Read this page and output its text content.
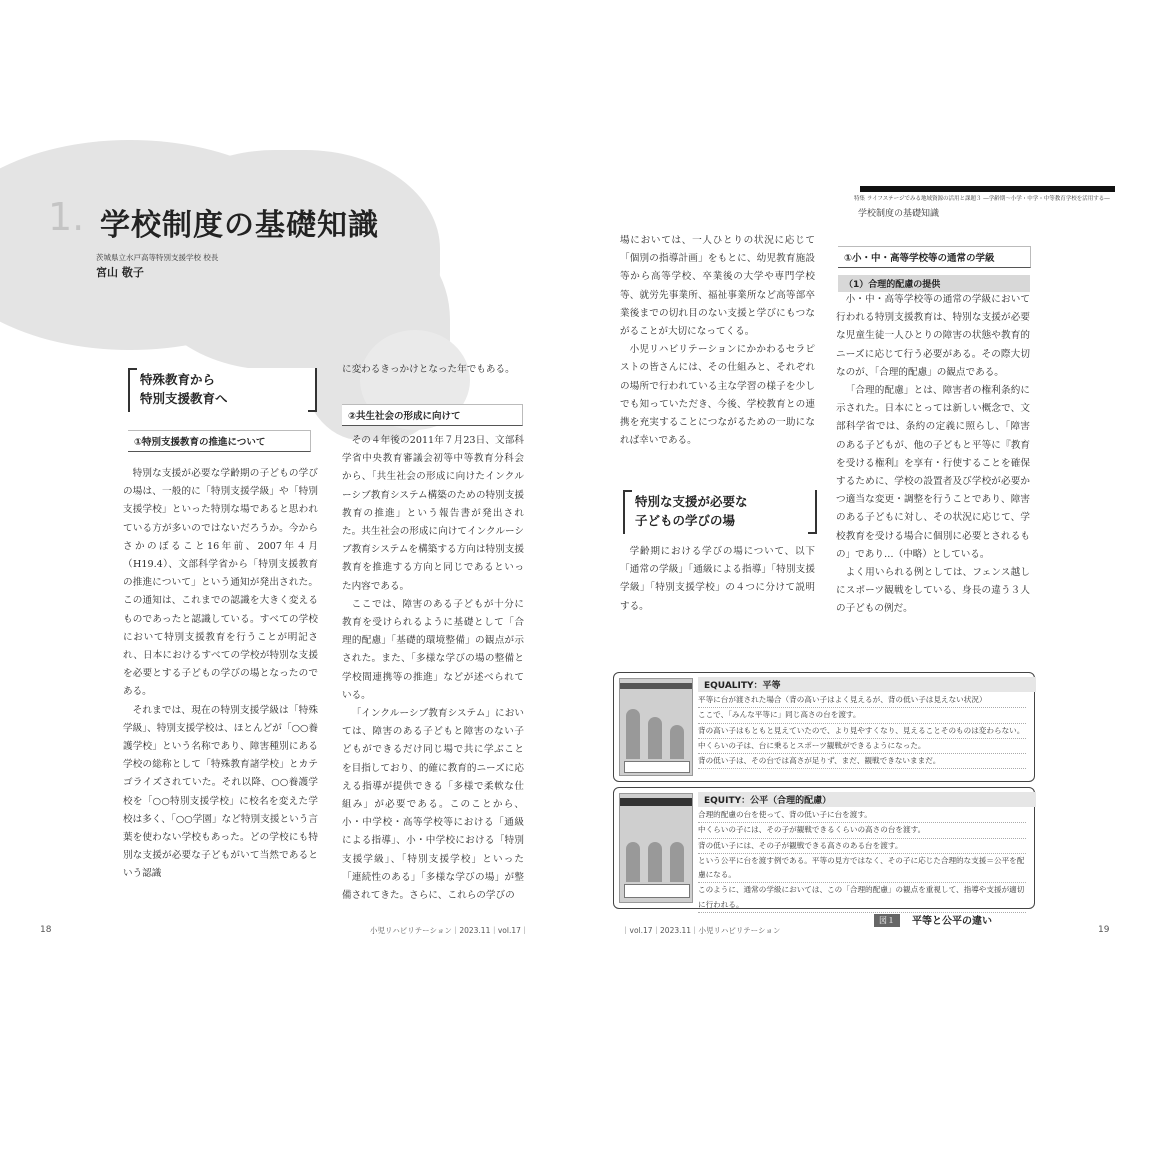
1. 学校制度の基礎知識
茨城県立水戸高等特別支援学校 校長
宮山 敬子
特集 ライフステージでみる地域資源の活用と課題３ ―学齢期〜小学・中学・中等教育学校を活用する―
学校制度の基礎知識
特殊教育から
特別支援教育へ
①特別支援教育の推進について

特別な支援が必要な学齢期の子どもの学びの場は、一般的に「特別支援学級」や「特別支援学校」といった特別な場であると思われている方が多いのではないだろうか。今からさかのぼること16年前、2007年４月（H19.4）、文部科学省から「特別支援教育の推進について」という通知が発出された。この通知は、これまでの認識を大きく変えるものであったと認識している。すべての学校において特別支援教育を行うことが明記され、日本におけるすべての学校が特別な支援を必要とする子どもの学びの場となったのである。

それまでは、現在の特別支援学級は「特殊学級」、特別支援学校は、ほとんどが「○○養護学校」という名称であり、障害種別にある学校の総称として「特殊教育諸学校」とカテゴライズされていた。それ以降、○○養護学校を「○○特別支援学校」に校名を変えた学校は多く、「○○学園」など特別支援という言葉を使わない学校もあった。どの学校にも特別な支援が必要な子どもがいて当然であるという認識

に変わるきっかけとなった年でもある。

②共生社会の形成に向けて

その４年後の2011年７月23日、文部科学省中央教育審議会初等中等教育分科会から、「共生社会の形成に向けたインクルーシブ教育システム構築のための特別支援教育の推進」という報告書が発出された。共生社会の形成に向けてインクルーシブ教育システムを構築する方向は特別支援教育を推進する方向と同じであるといった内容である。

ここでは、障害のある子どもが十分に教育を受けられるように基礎として「合理的配慮」「基礎的環境整備」の観点が示された。また、「多様な学びの場の整備と学校間連携等の推進」などが述べられている。

「インクルーシブ教育システム」においては、障害のある子どもと障害のない子どもができるだけ同じ場で共に学ぶことを目指しており、的確に教育的ニーズに応える指導が提供できる「多様で柔軟な仕組み」が必要である。このことから、小・中学校・高等学校等における「通級による指導」、小・中学校における「特別支援学級」、「特別支援学校」といった「連続性のある」「多様な学びの場」が整備されてきた。さらに、これらの学びの

場においては、一人ひとりの状況に応じて「個別の指導計画」をもとに、幼児教育施設等から高等学校、卒業後の大学や専門学校等、就労先事業所、福祉事業所など高等部卒業後までの切れ目のない支援と学びにもつながることが大切になってくる。

小児リハビリテーションにかかわるセラピストの皆さんには、その仕組みと、それぞれの場所で行われている主な学習の様子を少しでも知っていただき、今後、学校教育との連携を充実することにつながるための一助になれば幸いである。

特別な支援が必要な
子どもの学びの場

学齢期における学びの場について、以下「通常の学級」「通級による指導」「特別支援学級」「特別支援学校」の４つに分けて説明する。

①小・中・高等学校等の通常の学級
（1）合理的配慮の提供

小・中・高等学校等の通常の学級において行われる特別支援教育は、特別な支援が必要な児童生徒一人ひとりの障害の状態や教育的ニーズに応じて行う必要がある。その際大切なのが、「合理的配慮」の観点である。

「合理的配慮」とは、障害者の権利条約に示された。日本にとっては新しい概念で、文部科学省では、条約の定義に照らし、「障害のある子どもが、他の子どもと平等に『教育を受ける権利』を享有・行使することを確保するために、学校の設置者及び学校が必要かつ適当な変更・調整を行うことであり、障害のある子どもに対し、その状況に応じて、学校教育を受ける場合に個別に必要とされるもの」であり…（中略）としている。

よく用いられる例としては、フェンス越しにスポーツ観戦をしている、身長の違う３人の子どもの例だ。

EQUALITY：平等
平等に台が渡された場合（背の高い子はよく見えるが、背の低い子は見えない状況）
ここで、「みんな平等に」同じ高さの台を渡す。
背の高い子はもともと見えていたので、より見やすくなり、見えることそのものは変わらない。
中くらいの子は、台に乗るとスポーツ観戦ができるようになった。
背の低い子は、その台では高さが足りず、まだ、観戦できないままだ。
EQUITY：公平（合理的配慮）
合理的配慮の台を使って、背の低い子に台を渡す。
中くらいの子には、その子が観戦できるくらいの高さの台を渡す。
背の低い子には、その子が観戦できる高さのある台を渡す。
という公平に台を渡す例である。平等の見方ではなく、その子に応じた合理的な支援＝公平を配慮になる。
このように、通常の学級においては、この「合理的配慮」の観点を重視して、指導や支援が適切に行われる。
図１	平等と公平の違い
18	小児リハビリテーション｜2023.11｜vol.17｜	｜vol.17｜2023.11｜小児リハビリテーション	19
